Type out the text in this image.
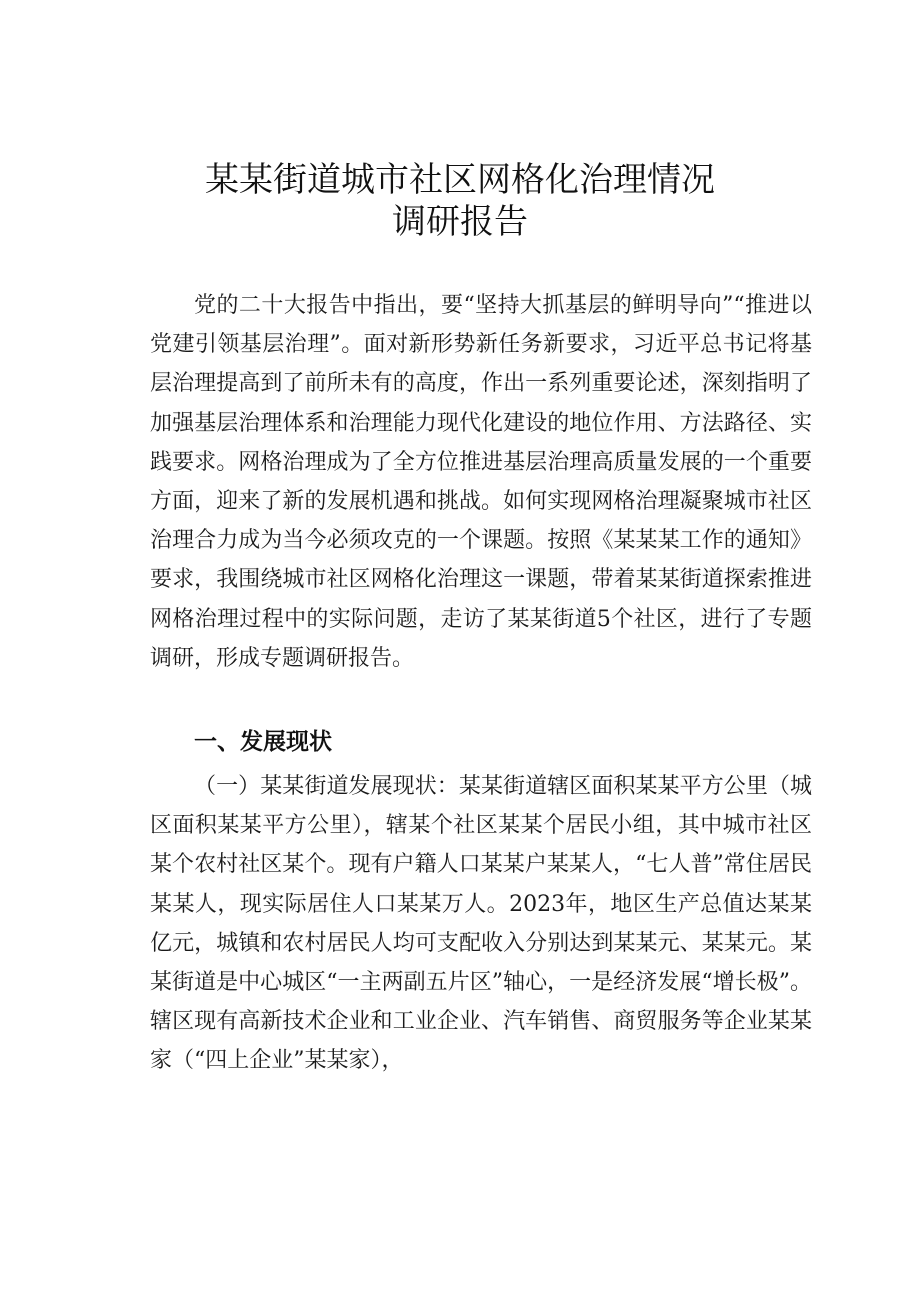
某某街道城市社区网格化治理情况
调研报告

党的二十大报告中指出，要“坚持大抓基层的鲜明导向”“推进以党建引领基层治理”。面对新形势新任务新要求，习近平总书记将基层治理提高到了前所未有的高度，作出一系列重要论述，深刻指明了加强基层治理体系和治理能力现代化建设的地位作用、方法路径、实践要求。网格治理成为了全方位推进基层治理高质量发展的一个重要方面，迎来了新的发展机遇和挑战。如何实现网格治理凝聚城市社区治理合力成为当今必须攻克的一个课题。按照《某某某工作的通知》要求，我围绕城市社区网格化治理这一课题，带着某某街道探索推进网格治理过程中的实际问题，走访了某某街道5个社区，进行了专题调研，形成专题调研报告。

一、发展现状

（一）某某街道发展现状：某某街道辖区面积某某平方公里（城区面积某某平方公里），辖某个社区某某个居民小组，其中城市社区某个农村社区某个。现有户籍人口某某户某某人，“七人普”常住居民某某人，现实际居住人口某某万人。2023年，地区生产总值达某某亿元，城镇和农村居民人均可支配收入分别达到某某元、某某元。某某街道是中心城区“一主两副五片区”轴心，一是经济发展“增长极”。辖区现有高新技术企业和工业企业、汽车销售、商贸服务等企业某某家（“四上企业”某某家），
